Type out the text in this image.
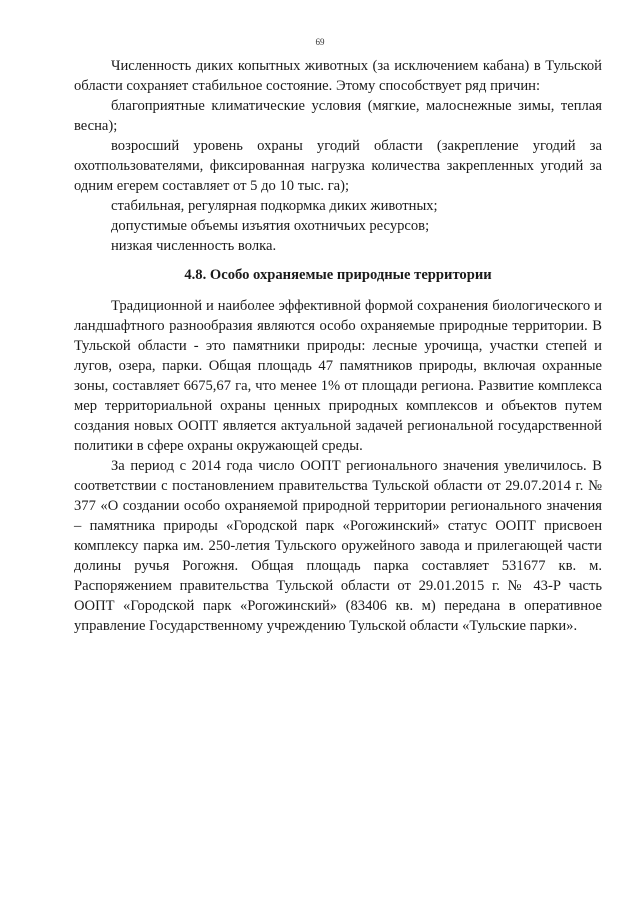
69

Численность диких копытных животных (за исключением кабана) в Тульской области сохраняет стабильное состояние. Этому способствует ряд причин:

благоприятные климатические условия (мягкие, малоснежные зимы, теплая весна);

возросший уровень охраны угодий области (закрепление угодий за охотпользователями, фиксированная нагрузка количества закрепленных угодий за одним егерем составляет от 5 до 10 тыс. га);

стабильная, регулярная подкормка диких животных;

допустимые объемы изъятия охотничьих ресурсов;

низкая численность волка.

4.8. Особо охраняемые природные территории

Традиционной и наиболее эффективной формой сохранения биологического и ландшафтного разнообразия являются особо охраняемые природные территории. В Тульской области - это памятники природы: лесные урочища, участки степей и лугов, озера, парки. Общая площадь 47 памятников природы, включая охранные зоны, составляет 6675,67 га, что менее 1% от площади региона. Развитие комплекса мер территориальной охраны ценных природных комплексов и объектов путем создания новых ООПТ является актуальной задачей региональной государственной политики в сфере охраны окружающей среды.

За период с 2014 года число ООПТ регионального значения увеличилось. В соответствии с постановлением правительства Тульской области от 29.07.2014 г. № 377 «О создании особо охраняемой природной территории регионального значения – памятника природы «Городской парк «Рогожинский» статус ООПТ присвоен комплексу парка им. 250-летия Тульского оружейного завода и прилегающей части долины ручья Рогожня. Общая площадь парка составляет 531677 кв. м. Распоряжением правительства Тульской области от 29.01.2015 г. № 43-Р часть ООПТ «Городской парк «Рогожинский» (83406 кв. м) передана в оперативное управление Государственному учреждению Тульской области «Тульские парки».
